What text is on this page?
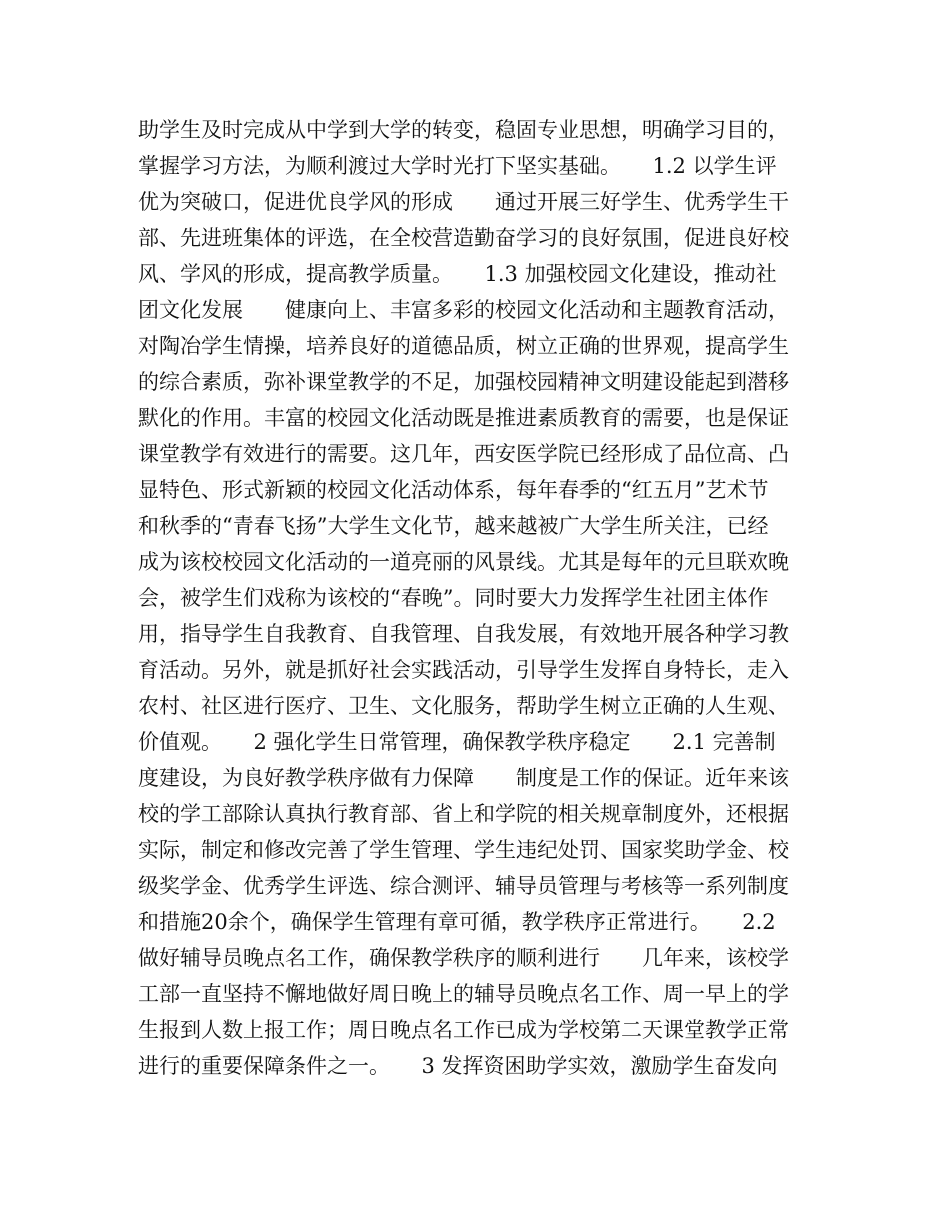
助学生及时完成从中学到大学的转变，稳固专业思想，明确学习目的，
掌握学习方法，为顺利渡过大学时光打下坚实基础。　　1.2 以学生评
优为突破口，促进优良学风的形成　　通过开展三好学生、优秀学生干
部、先进班集体的评选，在全校营造勤奋学习的良好氛围，促进良好校
风、学风的形成，提高教学质量。　　1.3 加强校园文化建设，推动社
团文化发展　　健康向上、丰富多彩的校园文化活动和主题教育活动，
对陶冶学生情操，培养良好的道德品质，树立正确的世界观，提高学生
的综合素质，弥补课堂教学的不足，加强校园精神文明建设能起到潜移
默化的作用。丰富的校园文化活动既是推进素质教育的需要，也是保证
课堂教学有效进行的需要。这几年，西安医学院已经形成了品位高、凸
显特色、形式新颖的校园文化活动体系，每年春季的“红五月”艺术节
和秋季的“青春飞扬”大学生文化节，越来越被广大学生所关注，已经
成为该校校园文化活动的一道亮丽的风景线。尤其是每年的元旦联欢晚
会，被学生们戏称为该校的“春晚”。同时要大力发挥学生社团主体作
用，指导学生自我教育、自我管理、自我发展，有效地开展各种学习教
育活动。另外，就是抓好社会实践活动，引导学生发挥自身特长，走入
农村、社区进行医疗、卫生、文化服务，帮助学生树立正确的人生观、
价值观。　　2 强化学生日常管理，确保教学秩序稳定　　2.1 完善制
度建设，为良好教学秩序做有力保障　　制度是工作的保证。近年来该
校的学工部除认真执行教育部、省上和学院的相关规章制度外，还根据
实际，制定和修改完善了学生管理、学生违纪处罚、国家奖助学金、校
级奖学金、优秀学生评选、综合测评、辅导员管理与考核等一系列制度
和措施20余个，确保学生管理有章可循，教学秩序正常进行。　　2.2
做好辅导员晚点名工作，确保教学秩序的顺利进行　　几年来，该校学
工部一直坚持不懈地做好周日晚上的辅导员晚点名工作、周一早上的学
生报到人数上报工作；周日晚点名工作已成为学校第二天课堂教学正常
进行的重要保障条件之一。　　3 发挥资困助学实效，激励学生奋发向
